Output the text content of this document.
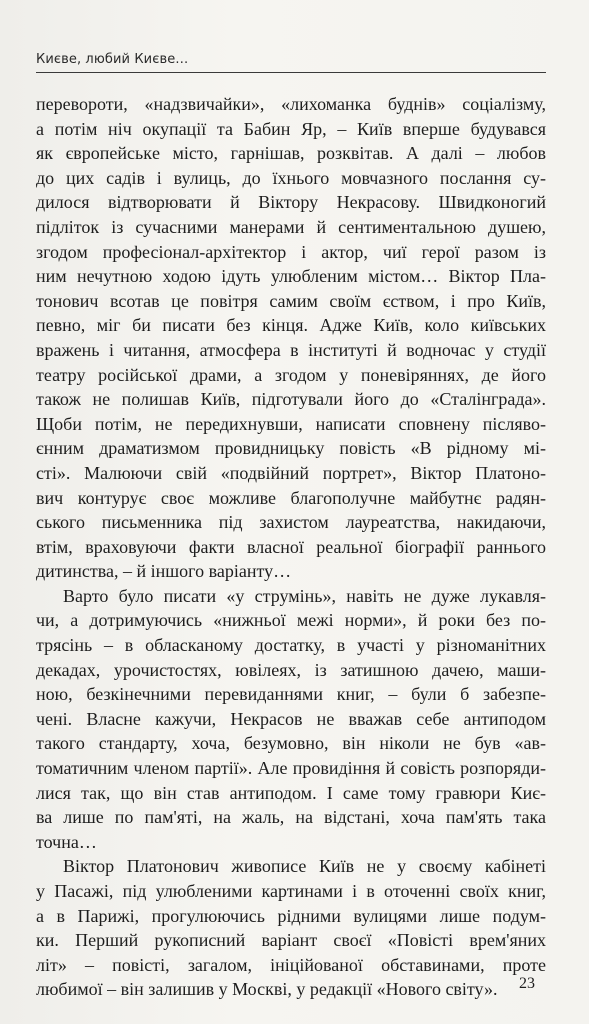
Києве, любий Києве…
перевороти, «надзвичайки», «лихоманка буднів» соціалізму,
а потім ніч окупації та Бабин Яр, – Київ вперше будувався
як європейськe місто, гарнішав, розквітав. А далі – любов
до цих садів і вулиць, до їхнього мовчазного послання су-
дилося відтворювати й Віктору Некрасову. Швидконогий
підліток із сучасними манерами й сентиментальною душею,
згодом професіонал-архітектор і актор, чиї герої разом із
ним нечутною ходою ідуть улюбленим містом… Віктор Пла-
тонович всотав це повітря самим своїм єством, і про Київ,
певно, міг би писати без кінця. Адже Київ, коло київських
вражень і читання, атмосфера в інституті й водночас у студії
театру російської драми, а згодом у поневіряннях, де його
також не полишав Київ, підготували його до «Сталінграда».
Щоби потім, не передихнувши, написати сповнену післяво-
єнним драматизмом провидницьку повість «В рідному мі-
сті». Малюючи свій «подвійний портрет», Віктор Платоно-
вич контурує своє можливе благополучне майбутнє радян-
ського письменника під захистом лауреатства, накидаючи,
втім, враховуючи факти власної реальної біографії раннього
дитинства, – й іншого варіанту…
Варто було писати «у струмінь», навіть не дуже лукавля-
чи, а дотримуючись «нижньої межі норми», й роки без по-
трясінь – в обласканому достатку, в участі у різноманітних
декадах, урочистостях, ювілеях, із затишною дачею, маши-
ною, безкінечними перевиданнями книг, – були б забезпе-
чені. Власне кажучи, Некрасов не вважав себе антиподом
такого стандарту, хоча, безумовно, він ніколи не був «ав-
томатичним членом партії». Але провидіння й совість розпоряди-
лися так, що він став антиподом. І саме тому гравюри Киє-
ва лише по пам'яті, на жаль, на відстані, хоча пам'ять така
точна…
Віктор Платонович живописе Київ не у своєму кабінеті
у Пасажі, під улюбленими картинами і в оточенні своїх книг,
а в Парижі, прогулюючись рідними вулицями лише подум-
ки. Перший рукописний варіант своєї «Повісті врем'яних
літ» – повісті, загалом, ініційованої обставинами, проте
любимої – він залишив у Москві, у редакції «Нового світу».	23
